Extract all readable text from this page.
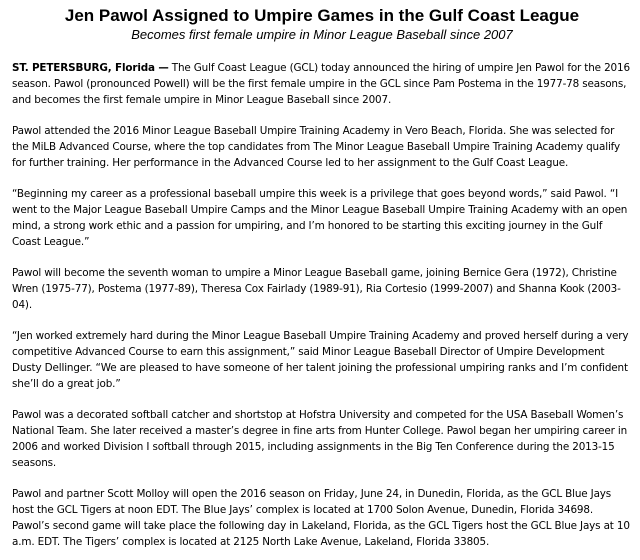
Jen Pawol Assigned to Umpire Games in the Gulf Coast League
Becomes first female umpire in Minor League Baseball since 2007

ST. PETERSBURG, Florida — The Gulf Coast League (GCL) today announced the hiring of umpire Jen Pawol for the 2016 season. Pawol (pronounced Powell) will be the first female umpire in the GCL since Pam Postema in the 1977-78 seasons, and becomes the first female umpire in Minor League Baseball since 2007.

Pawol attended the 2016 Minor League Baseball Umpire Training Academy in Vero Beach, Florida. She was selected for the MiLB Advanced Course, where the top candidates from The Minor League Baseball Umpire Training Academy qualify for further training. Her performance in the Advanced Course led to her assignment to the Gulf Coast League.

“Beginning my career as a professional baseball umpire this week is a privilege that goes beyond words,” said Pawol. “I went to the Major League Baseball Umpire Camps and the Minor League Baseball Umpire Training Academy with an open mind, a strong work ethic and a passion for umpiring, and I’m honored to be starting this exciting journey in the Gulf Coast League.”

Pawol will become the seventh woman to umpire a Minor League Baseball game, joining Bernice Gera (1972), Christine Wren (1975-77), Postema (1977-89), Theresa Cox Fairlady (1989-91), Ria Cortesio (1999-2007) and Shanna Kook (2003-04).

“Jen worked extremely hard during the Minor League Baseball Umpire Training Academy and proved herself during a very competitive Advanced Course to earn this assignment,” said Minor League Baseball Director of Umpire Development Dusty Dellinger. “We are pleased to have someone of her talent joining the professional umpiring ranks and I’m confident she’ll do a great job.”

Pawol was a decorated softball catcher and shortstop at Hofstra University and competed for the USA Baseball Women’s National Team. She later received a master’s degree in fine arts from Hunter College. Pawol began her umpiring career in 2006 and worked Division I softball through 2015, including assignments in the Big Ten Conference during the 2013-15 seasons.

Pawol and partner Scott Molloy will open the 2016 season on Friday, June 24, in Dunedin, Florida, as the GCL Blue Jays host the GCL Tigers at noon EDT. The Blue Jays’ complex is located at 1700 Solon Avenue, Dunedin, Florida 34698. Pawol’s second game will take place the following day in Lakeland, Florida, as the GCL Tigers host the GCL Blue Jays at 10 a.m. EDT. The Tigers’ complex is located at 2125 North Lake Avenue, Lakeland, Florida 33805.
